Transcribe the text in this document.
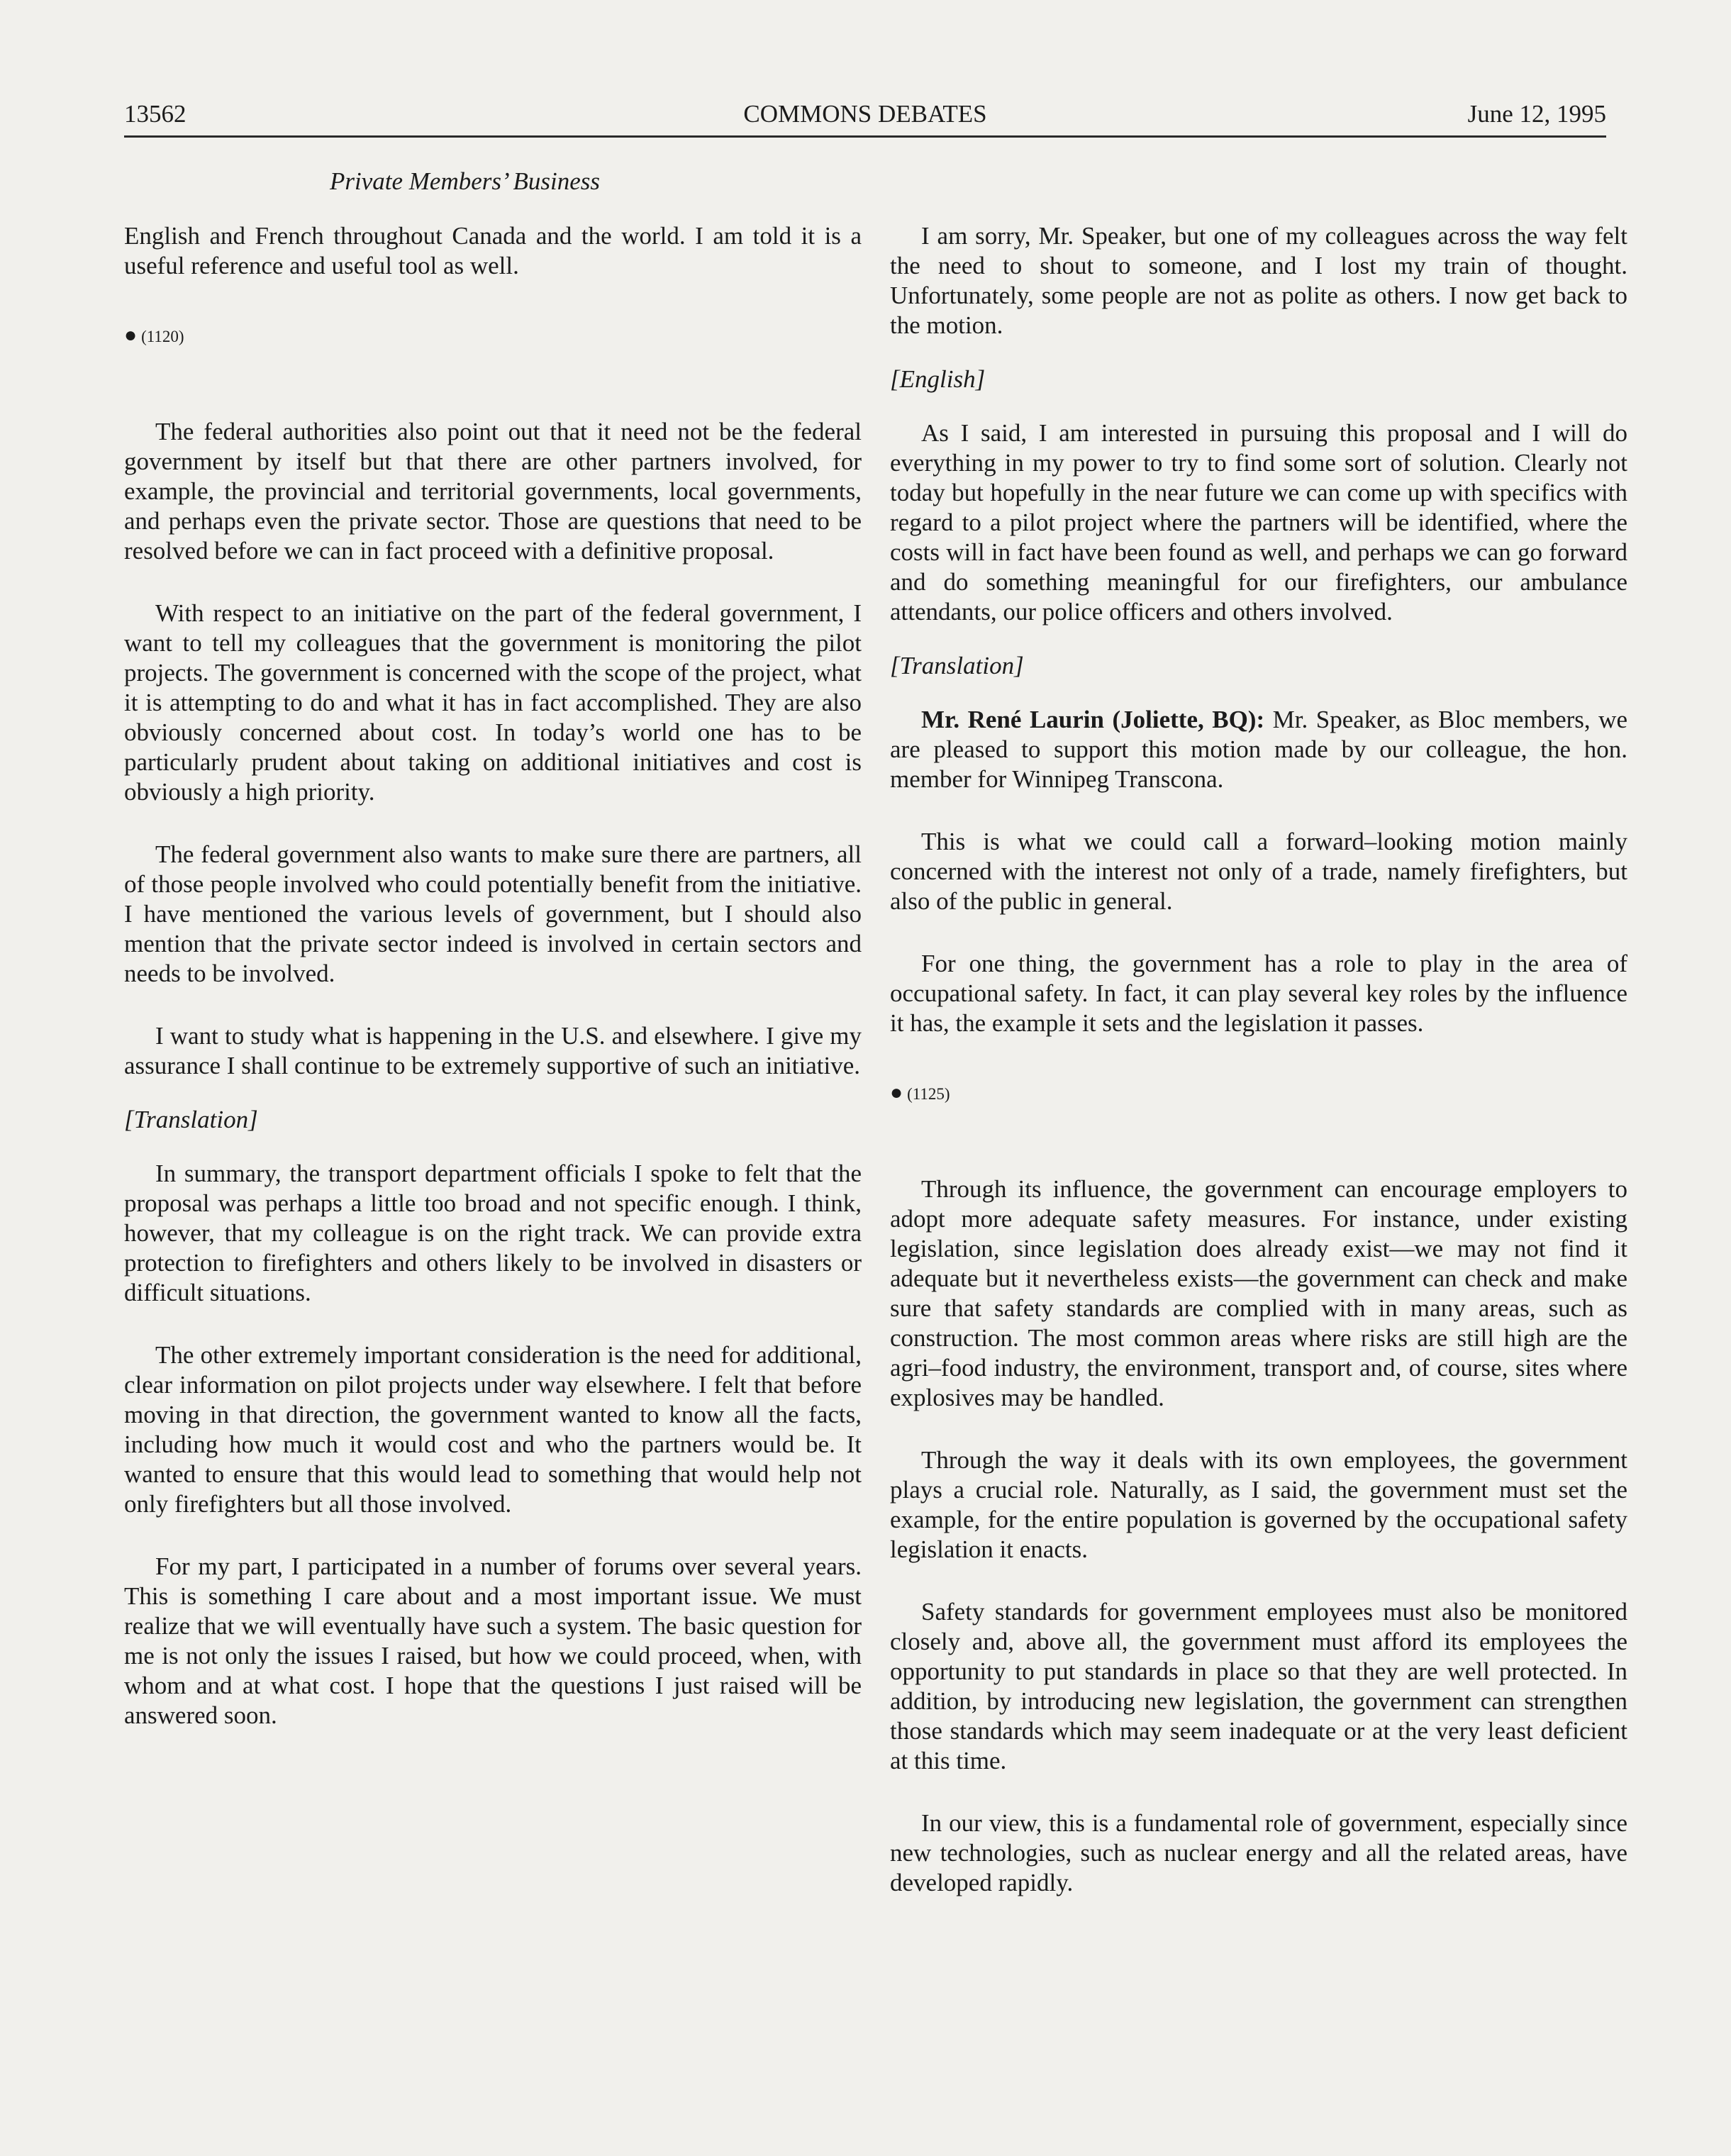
13562	COMMONS DEBATES	June 12, 1995
Private Members’ Business

English and French throughout Canada and the world. I am told it is a useful reference and useful tool as well.

● (1120)

The federal authorities also point out that it need not be the federal government by itself but that there are other partners involved, for example, the provincial and territorial governments, local governments, and perhaps even the private sector. Those are questions that need to be resolved before we can in fact proceed with a definitive proposal.

With respect to an initiative on the part of the federal government, I want to tell my colleagues that the government is monitoring the pilot projects. The government is concerned with the scope of the project, what it is attempting to do and what it has in fact accomplished. They are also obviously concerned about cost. In today’s world one has to be particularly prudent about taking on additional initiatives and cost is obviously a high priority.

The federal government also wants to make sure there are partners, all of those people involved who could potentially benefit from the initiative. I have mentioned the various levels of government, but I should also mention that the private sector indeed is involved in certain sectors and needs to be involved.

I want to study what is happening in the U.S. and elsewhere. I give my assurance I shall continue to be extremely supportive of such an initiative.

[Translation]

In summary, the transport department officials I spoke to felt that the proposal was perhaps a little too broad and not specific enough. I think, however, that my colleague is on the right track. We can provide extra protection to firefighters and others likely to be involved in disasters or difficult situations.

The other extremely important consideration is the need for additional, clear information on pilot projects under way elsewhere. I felt that before moving in that direction, the government wanted to know all the facts, including how much it would cost and who the partners would be. It wanted to ensure that this would lead to something that would help not only firefighters but all those involved.

For my part, I participated in a number of forums over several years. This is something I care about and a most important issue. We must realize that we will eventually have such a system. The basic question for me is not only the issues I raised, but how we could proceed, when, with whom and at what cost. I hope that the questions I just raised will be answered soon.

I am sorry, Mr. Speaker, but one of my colleagues across the way felt the need to shout to someone, and I lost my train of thought. Unfortunately, some people are not as polite as others. I now get back to the motion.

[English]

As I said, I am interested in pursuing this proposal and I will do everything in my power to try to find some sort of solution. Clearly not today but hopefully in the near future we can come up with specifics with regard to a pilot project where the partners will be identified, where the costs will in fact have been found as well, and perhaps we can go forward and do something meaningful for our firefighters, our ambulance attendants, our police officers and others involved.

[Translation]

Mr. René Laurin (Joliette, BQ): Mr. Speaker, as Bloc members, we are pleased to support this motion made by our colleague, the hon. member for Winnipeg Transcona.

This is what we could call a forward–looking motion mainly concerned with the interest not only of a trade, namely firefighters, but also of the public in general.

For one thing, the government has a role to play in the area of occupational safety. In fact, it can play several key roles by the influence it has, the example it sets and the legislation it passes.

● (1125)

Through its influence, the government can encourage employers to adopt more adequate safety measures. For instance, under existing legislation, since legislation does already exist—we may not find it adequate but it nevertheless exists—the government can check and make sure that safety standards are complied with in many areas, such as construction. The most common areas where risks are still high are the agri–food industry, the environment, transport and, of course, sites where explosives may be handled.

Through the way it deals with its own employees, the government plays a crucial role. Naturally, as I said, the government must set the example, for the entire population is governed by the occupational safety legislation it enacts.

Safety standards for government employees must also be monitored closely and, above all, the government must afford its employees the opportunity to put standards in place so that they are well protected. In addition, by introducing new legislation, the government can strengthen those standards which may seem inadequate or at the very least deficient at this time.

In our view, this is a fundamental role of government, especially since new technologies, such as nuclear energy and all the related areas, have developed rapidly.
